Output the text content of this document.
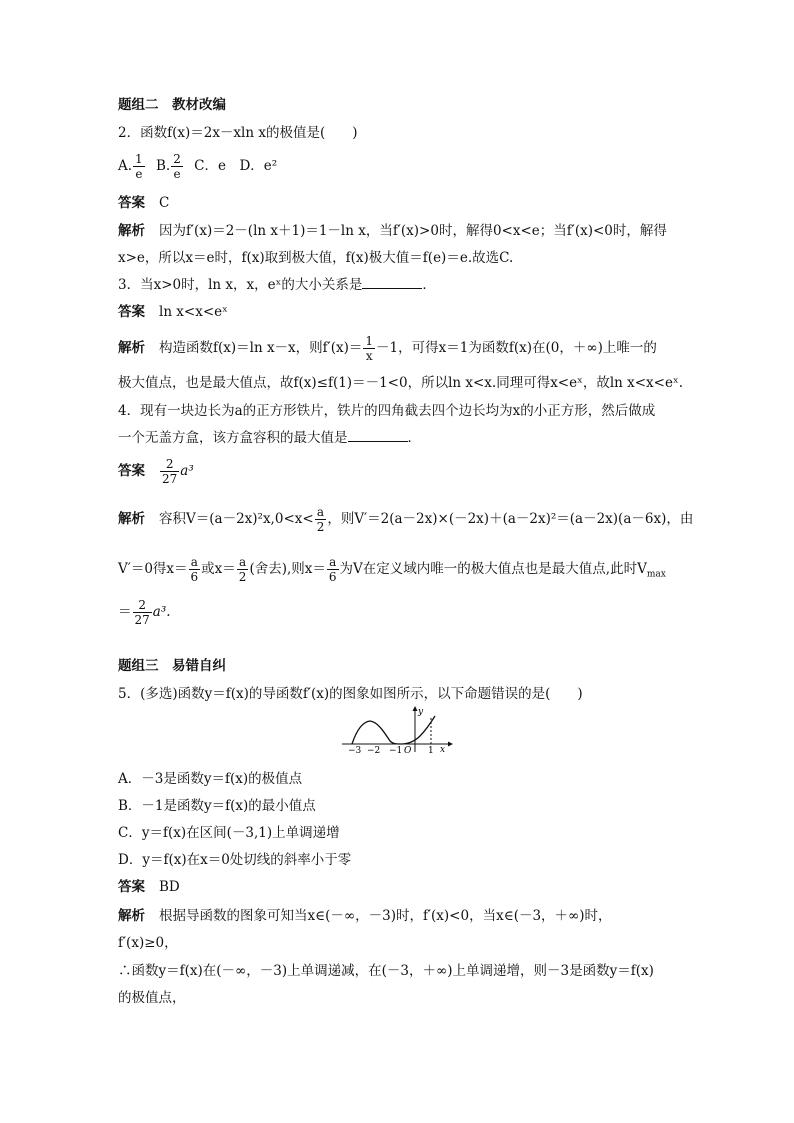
题组二　教材改编
2．函数f(x)＝2x－xln x的极值是(　　)
A. $\frac{1}{e} B$. $\frac{2}{e}$ C．e　D．e²
答案 C
解析 因为f′(x)＝2－(ln x＋1)＝1－ln x，当f′(x)>0时，解得0<x<e；当f′(x)<0时，解得
x>e，所以x＝e时，f(x)取到极大值，f(x)极大值＝f(e)＝e.故选C.
3．当x>0时，ln x，x，eˣ的大小关系是	．
答案 ln x<x<eˣ
解析 构造函数f(x)＝ln x－x，则$f'(x)= \frac{1}{x} -1$，可得x＝1为函数f(x)在(0，＋∞)上唯一的
极大值点，也是最大值点，故f(x)≤f(1)＝－1<0，所以ln x<x.同理可得x<eˣ，故ln x<x<eˣ.
4．现有一块边长为a的正方形铁片，铁片的四角截去四个边长均为x的小正方形，然后做成
一个无盖方盒，该方盒容积的最大值是	．
答案 $\frac{2}{27} a^3$
解析 容积$V=(a-2x)^2x,0<x< \frac{a}{2}$ ，则V′＝2(a－2x)×(－2x)＋(a－2x)²＝(a－2x)(a－6x)，由
V′＝0得$x= \frac{a}{6}$ 或$x= \frac{a}{2}$ (舍去),则$x= \frac{a}{6}$ 为V在定义域内唯一的极大值点也是最大值点,此时$V_{max}$
＝ $\frac{2}{27} a^3$.
题组三　易错自纠
5．(多选)函数y＝f(x)的导函数f′(x)的图象如图所示，以下命题错误的是(　　)
y
x
−3 −2 −1 O 1
A．－3是函数y＝f(x)的极值点
B．－1是函数y＝f(x)的最小值点
C．y＝f(x)在区间(－3,1)上单调递增
D．y＝f(x)在x＝0处切线的斜率小于零
答案 BD
解析 根据导函数的图象可知当x∈(－∞，－3)时，f′(x)<0，当x∈(－3，＋∞)时，
f′(x)≥0，
∴函数y＝f(x)在(－∞，－3)上单调递减，在(－3，＋∞)上单调递增，则－3是函数y＝f(x)
的极值点，
